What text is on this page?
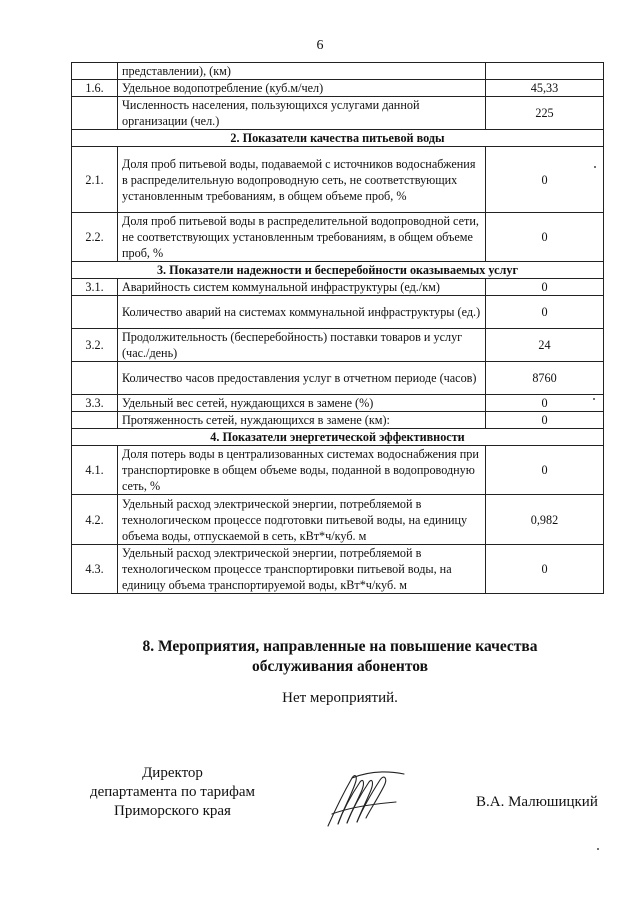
6
	представлении), (км)	
1.6.	Удельное водопотребление (куб.м/чел)	45,33
	Численность населения, пользующихся услугами данной организации (чел.)	225
2. Показатели качества питьевой воды		
2.1.	Доля проб питьевой воды, подаваемой с источников водоснабжения в распределительную водопроводную сеть, не соответствующих установленным требованиям, в общем объеме проб, %	0
2.2.	Доля проб питьевой воды в распределительной водопроводной сети, не соответствующих установленным требованиям, в общем объеме проб, %	0
3. Показатели надежности и бесперебойности оказываемых услуг		
3.1.	Аварийность систем коммунальной инфраструктуры (ед./км)	0
	Количество аварий на системах коммунальной инфраструктуры (ед.)	0
3.2.	Продолжительность (бесперебойность) поставки товаров и услуг (час./день)	24
	Количество часов предоставления услуг в отчетном периоде (часов)	8760
3.3.	Удельный вес сетей, нуждающихся в замене (%)	0
	Протяженность сетей, нуждающихся в замене (км):	0
4. Показатели энергетической эффективности		
4.1.	Доля потерь воды в централизованных системах водоснабжения при транспортировке в общем объеме воды, поданной в водопроводную сеть, %	0
4.2.	Удельный расход электрической энергии, потребляемой в технологическом процессе подготовки питьевой воды, на единицу объема воды, отпускаемой в сеть, кВт*ч/куб. м	0,982
4.3.	Удельный расход электрической энергии, потребляемой в технологическом процессе транспортировки питьевой воды, на единицу объема транспортируемой воды, кВт*ч/куб. м	0
8. Мероприятия, направленные на повышение качества
обслуживания абонентов
Нет мероприятий.
Директор
департамента по тарифам
Приморского края
В.А. Малюшицкий
